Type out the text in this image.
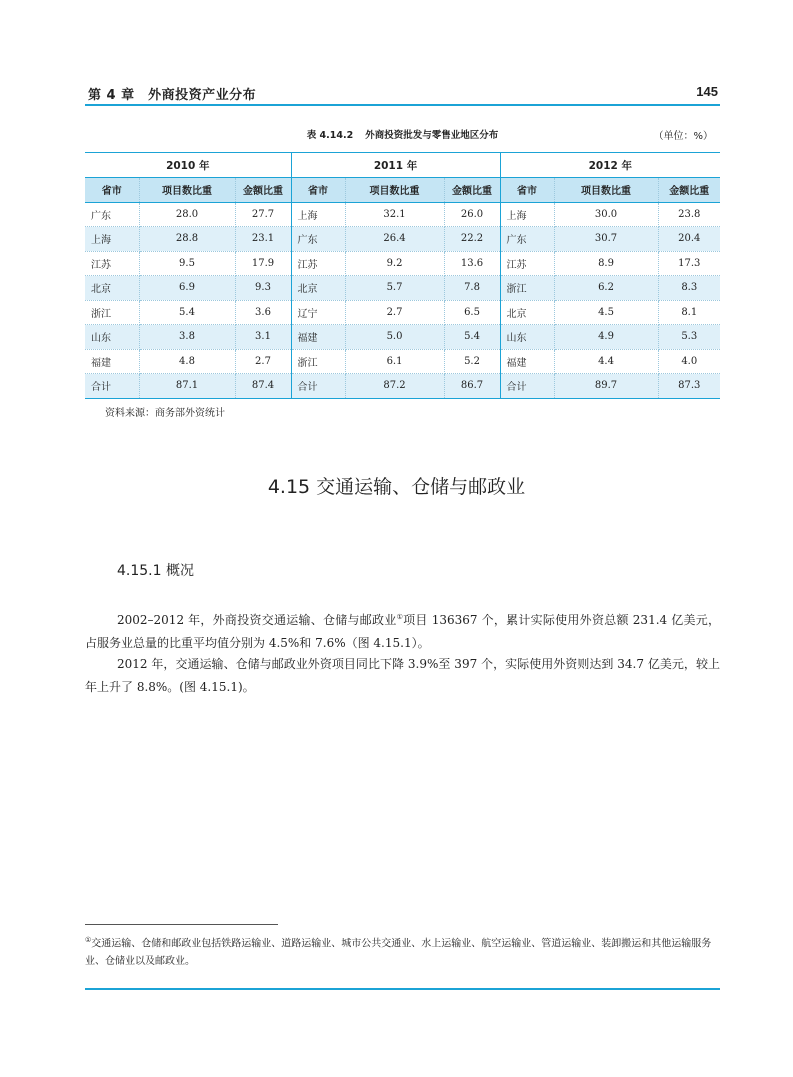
第 4 章　外商投资产业分布	145
表 4.14.2 外商投资批发与零售业地区分布	（单位：%）
2010 年			2011 年			2012 年		
省市	项目数比重	金额比重	省市	项目数比重	金额比重	省市	项目数比重	金额比重
广东	28.0	27.7	上海	32.1	26.0	上海	30.0	23.8
上海	28.8	23.1	广东	26.4	22.2	广东	30.7	20.4
江苏	9.5	17.9	江苏	9.2	13.6	江苏	8.9	17.3
北京	6.9	9.3	北京	5.7	7.8	浙江	6.2	8.3
浙江	5.4	3.6	辽宁	2.7	6.5	北京	4.5	8.1
山东	3.8	3.1	福建	5.0	5.4	山东	4.9	5.3
福建	4.8	2.7	浙江	6.1	5.2	福建	4.4	4.0
合计	87.1	87.4	合计	87.2	86.7	合计	89.7	87.3
资料来源：商务部外资统计
4.15 交通运输、仓储与邮政业
4.15.1 概况

2002–2012 年，外商投资交通运输、仓储与邮政业①项目 136367 个，累计实际使用外资总额 231.4 亿美元，占服务业总量的比重平均值分别为 4.5%和 7.6%（图 4.15.1）。

2012 年，交通运输、仓储与邮政业外资项目同比下降 3.9%至 397 个，实际使用外资则达到 34.7 亿美元，较上年上升了 8.8%。(图 4.15.1)。

①交通运输、仓储和邮政业包括铁路运输业、道路运输业、城市公共交通业、水上运输业、航空运输业、管道运输业、装卸搬运和其他运输服务业、仓储业以及邮政业。
